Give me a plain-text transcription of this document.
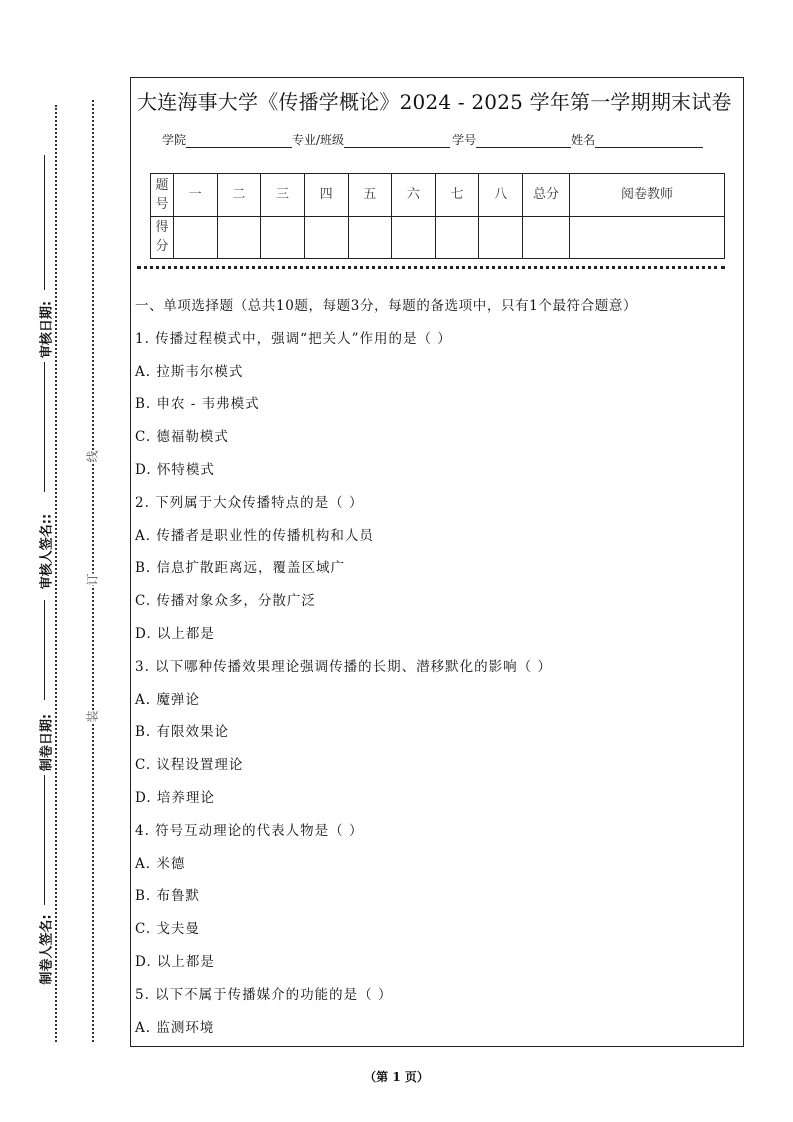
审核日期:
审核人签名::
制卷日期:
制卷人签名:
线
订
装
大连海事大学《传播学概论》2024 - 2025 学年第一学期期末试卷
学院	专业/班级	学号	姓名
题号	一	二	三	四	五	六	七	八	总分	阅卷教师
得分										
一、单项选择题（总共10题，每题3分，每题的备选项中，只有1个最符合题意）
1. 传播过程模式中，强调“把关人”作用的是（ ）
A. 拉斯韦尔模式
B. 申农 - 韦弗模式
C. 德福勒模式
D. 怀特模式
2. 下列属于大众传播特点的是（ ）
A. 传播者是职业性的传播机构和人员
B. 信息扩散距离远，覆盖区域广
C. 传播对象众多，分散广泛
D. 以上都是
3. 以下哪种传播效果理论强调传播的长期、潜移默化的影响（ ）
A. 魔弹论
B. 有限效果论
C. 议程设置理论
D. 培养理论
4. 符号互动理论的代表人物是（ ）
A. 米德
B. 布鲁默
C. 戈夫曼
D. 以上都是
5. 以下不属于传播媒介的功能的是（ ）
A. 监测环境
（第 1 页）
